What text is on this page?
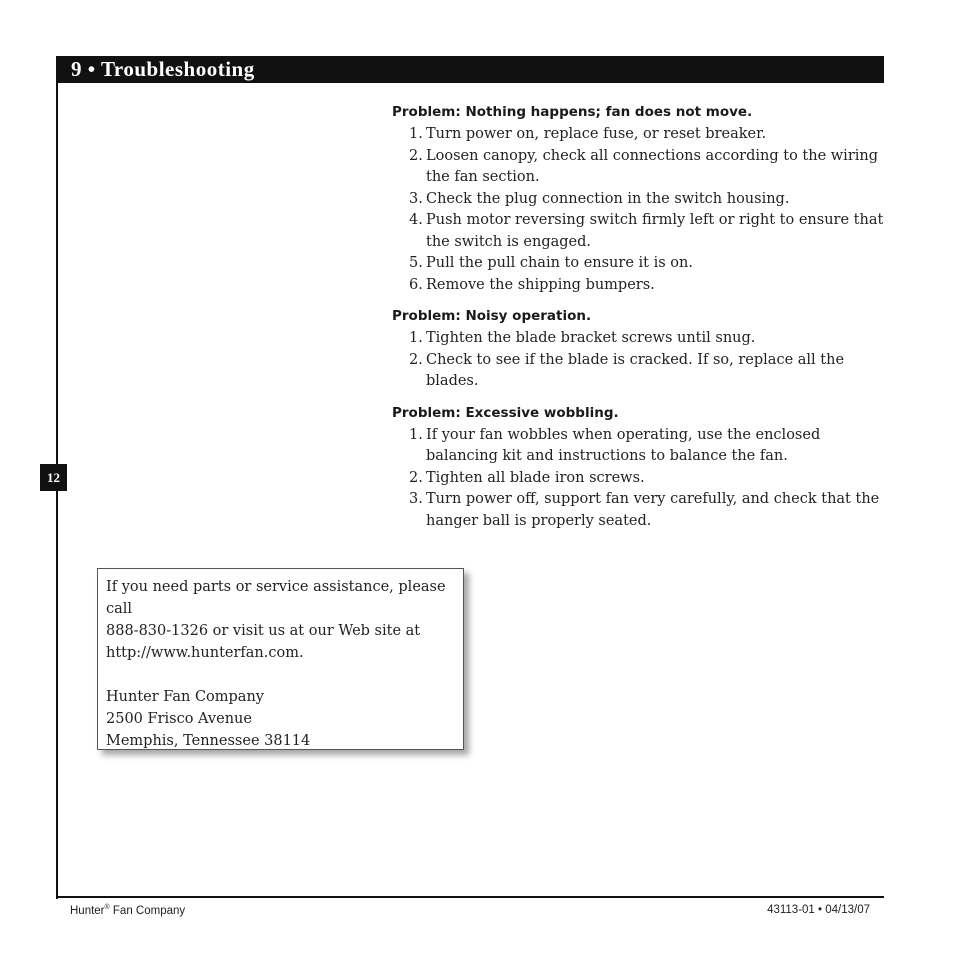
9 • Troubleshooting
12
Problem: Nothing happens; fan does not move.
1. Turn power on, replace fuse, or reset breaker.
2. Loosen canopy, check all connections according to the wiring the fan section.
3. Check the plug connection in the switch housing.
4. Push motor reversing switch firmly left or right to ensure that the switch is engaged.
5. Pull the pull chain to ensure it is on.
6. Remove the shipping bumpers.
Problem: Noisy operation.
1. Tighten the blade bracket screws until snug.
2. Check to see if the blade is cracked. If so, replace all the blades.
Problem: Excessive wobbling.
1. If your fan wobbles when operating, use the enclosed balancing kit and instructions to balance the fan.
2. Tighten all blade iron screws.
3. Turn power off, support fan very carefully, and check that the hanger ball is properly seated.

If you need parts or service assistance, please call

888-830-1326 or visit us at our Web site at

http://www.hunterfan.com.

Hunter Fan Company

2500 Frisco Avenue

Memphis, Tennessee 38114

Hunter® Fan Company	43113-01 • 04/13/07
